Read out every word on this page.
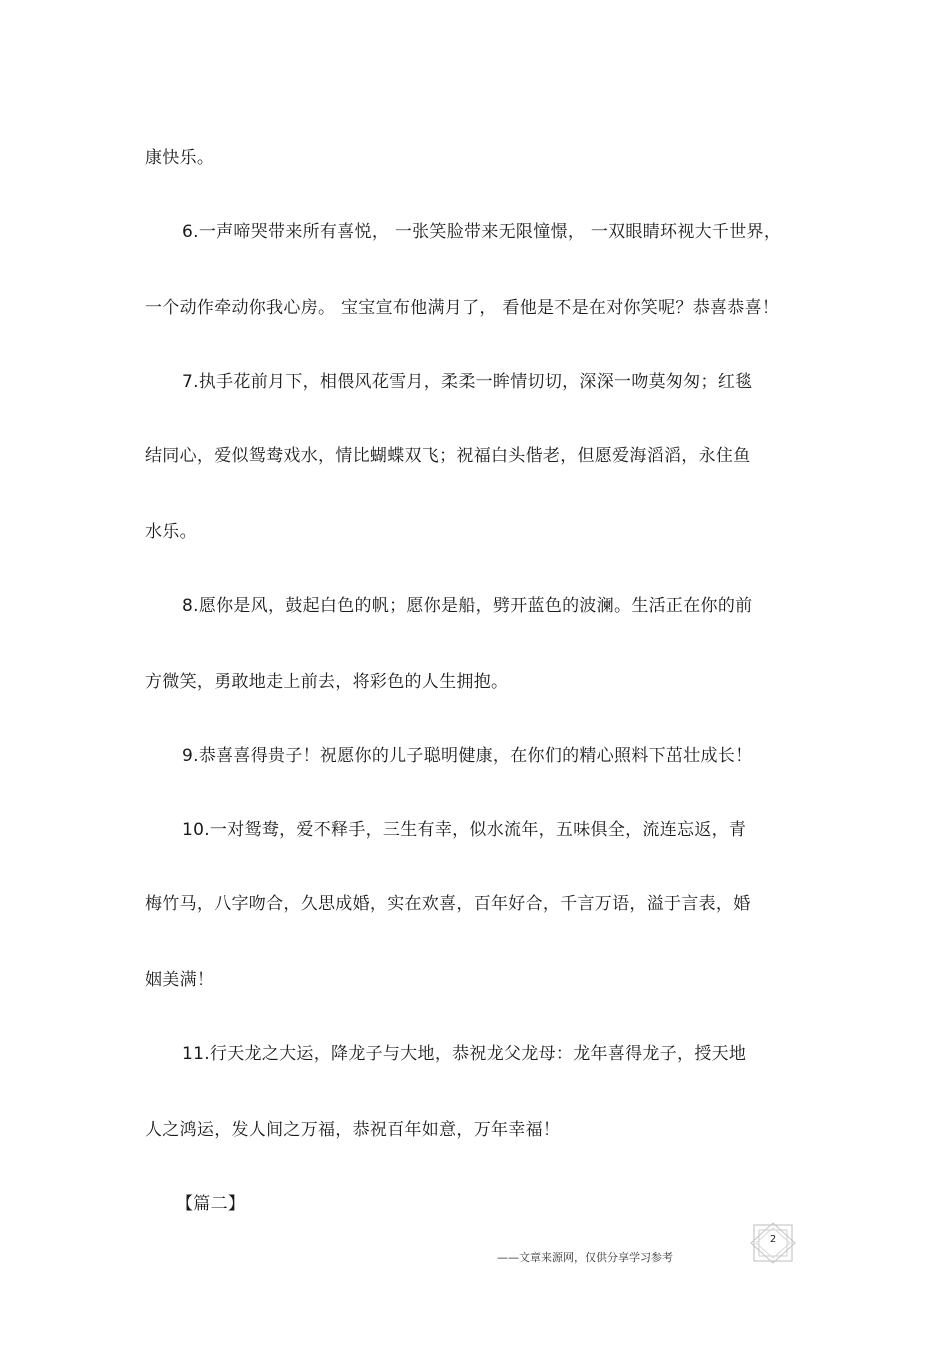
康快乐。
6.一声啼哭带来所有喜悦， 一张笑脸带来无限憧憬， 一双眼睛环视大千世界，
一个动作牵动你我心房。 宝宝宣布他满月了， 看他是不是在对你笑呢？恭喜恭喜！
7.执手花前月下，相偎风花雪月，柔柔一眸情切切，深深一吻莫匆匆；红毯
结同心，爱似鸳鸯戏水，情比蝴蝶双飞；祝福白头偕老，但愿爱海滔滔，永住鱼
水乐。
8.愿你是风，鼓起白色的帆；愿你是船，劈开蓝色的波澜。生活正在你的前
方微笑，勇敢地走上前去，将彩色的人生拥抱。
9.恭喜喜得贵子！祝愿你的儿子聪明健康，在你们的精心照料下茁壮成长！
10.一对鸳鸯，爱不释手，三生有幸，似水流年，五味俱全，流连忘返，青
梅竹马，八字吻合，久思成婚，实在欢喜，百年好合，千言万语，溢于言表，婚
姻美满！
11.行天龙之大运，降龙子与大地，恭祝龙父龙母：龙年喜得龙子，授天地
人之鸿运，发人间之万福，恭祝百年如意，万年幸福！
【篇二】
——文章来源网，仅供分享学习参考
2
